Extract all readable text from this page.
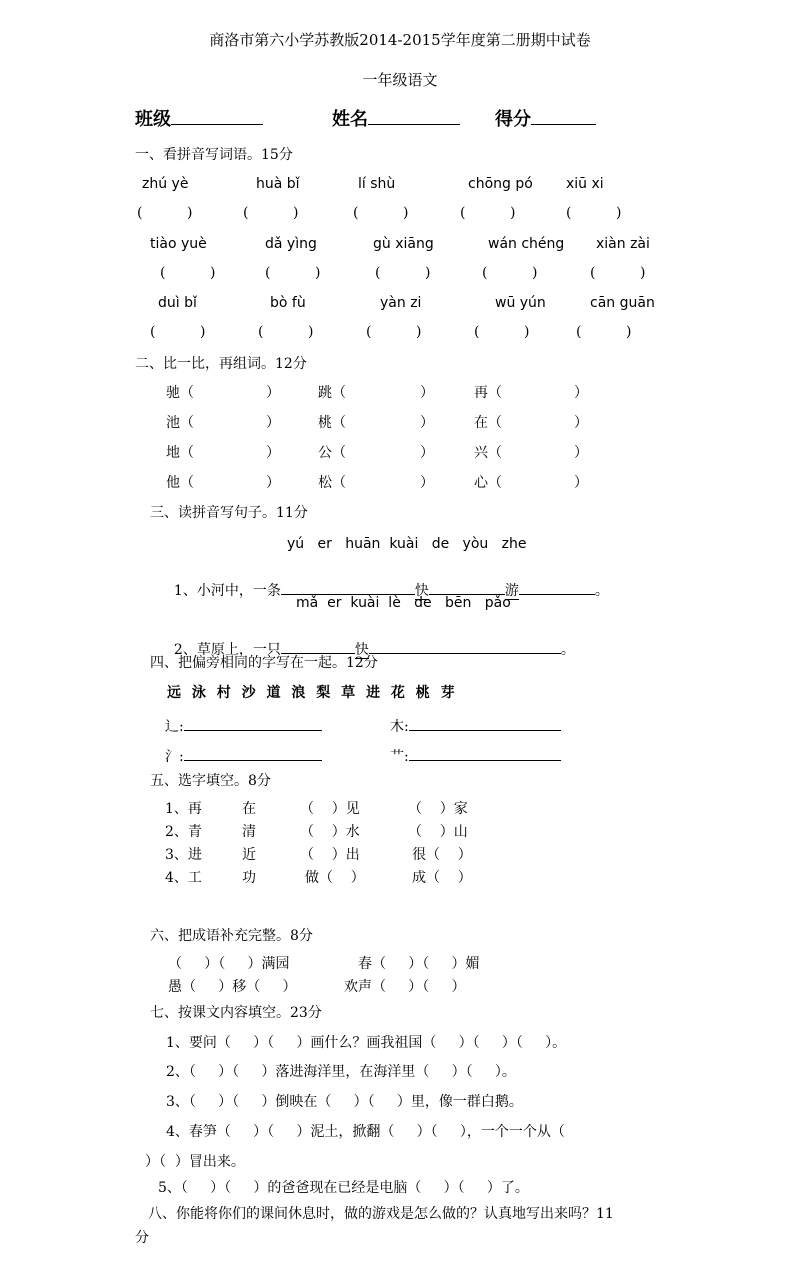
商洛市第六小学苏教版2014-2015学年度第二册期中试卷
一年级语文
班级	姓名	得分
一、看拼音写词语。15分
zhú yè	huà bǐ	lí shù	chōng pó xiū xi
(          )	(          )	(          )	(          )	(          )
tiào yuè	dǎ yìng	gù xiāng	wán chéng xiàn zài
(          )	(          )	(          )	(          )	(          )
duì bǐ	bò fù	yàn zi	wū yún	cān guān
(          )	(          )	(          )	(          )	(          )
二、比一比，再组词。12分
驰（	）	跳（	）	再（	）
池（	）	桃（	）	在（	）
地（	）	公（	）	兴（	）
他（	）	松（	）	心（	）
三、读拼音写句子。11分
yú   er   huān  kuài   de   yòu   zhe

1、小河中，一条	快	游	。

mǎ  er  kuài  lè   de   bēn   pǎo

2、草原上，一只	快	。

四、把偏旁相同的字写在一起。12分
远 泳 村 沙 道 浪 梨 草 进 花 桃 芽
辶:	木:
氵:	艹:
五、选字填空。8分
1、再	在	（    ）见	（    ）家
2、青	清	（    ）水	（    ）山
3、进	近	（    ）出	很（    ）
4、工	功	做（    ）	成（    ）
六、把成语补充完整。8分
（     ）（     ）满园	春（     ）（     ）媚
愚（     ）移（     ）	欢声（     ）（     ）
七、按课文内容填空。23分
1、要问（     ）（     ）画什么？画我祖国（     ）（     ）（     ）。
2、（     ）（     ）落进海洋里，在海洋里（     ）（     ）。
3、（     ）（     ）倒映在（     ）（     ）里，像一群白鹅。
4、春笋（     ）（     ）泥土，掀翻（     ）（     ），一个一个从（
）（  ）冒出来。
5、（     ）（     ）的爸爸现在已经是电脑（     ）（     ）了。
八、你能将你们的课间休息时，做的游戏是怎么做的？认真地写出来吗？11
分
